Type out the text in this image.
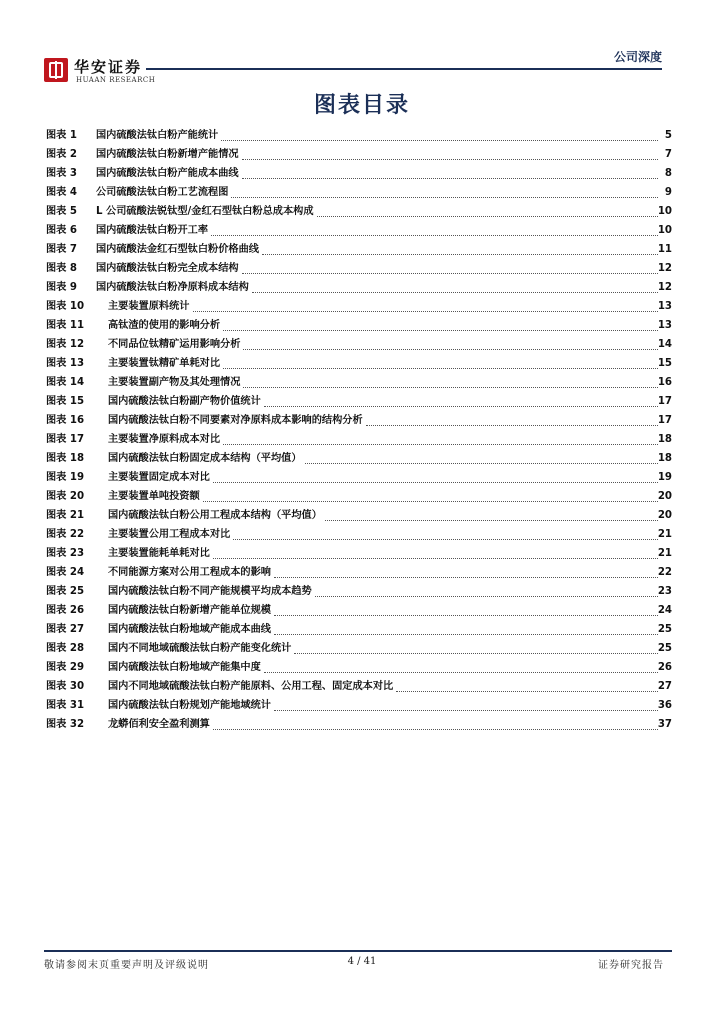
华安证券
HUAAN RESEARCH
公司深度
图表目录
图表 1 国内硫酸法钛白粉产能统计	5
图表 2 国内硫酸法钛白粉新增产能情况	7
图表 3 国内硫酸法钛白粉产能成本曲线	8
图表 4 公司硫酸法钛白粉工艺流程图	9
图表 5 L 公司硫酸法锐钛型/金红石型钛白粉总成本构成	10
图表 6 国内硫酸法钛白粉开工率	10
图表 7 国内硫酸法金红石型钛白粉价格曲线	11
图表 8 国内硫酸法钛白粉完全成本结构	12
图表 9 国内硫酸法钛白粉净原料成本结构	12
图表 10 主要装置原料统计	13
图表 11 高钛渣的使用的影响分析	13
图表 12 不同品位钛精矿运用影响分析	14
图表 13 主要装置钛精矿单耗对比	15
图表 14 主要装置副产物及其处理情况	16
图表 15 国内硫酸法钛白粉副产物价值统计	17
图表 16 国内硫酸法钛白粉不同要素对净原料成本影响的结构分析	17
图表 17 主要装置净原料成本对比	18
图表 18 国内硫酸法钛白粉固定成本结构（平均值）	18
图表 19 主要装置固定成本对比	19
图表 20 主要装置单吨投资额	20
图表 21 国内硫酸法钛白粉公用工程成本结构（平均值）	20
图表 22 主要装置公用工程成本对比	21
图表 23 主要装置能耗单耗对比	21
图表 24 不同能源方案对公用工程成本的影响	22
图表 25 国内硫酸法钛白粉不同产能规模平均成本趋势	23
图表 26 国内硫酸法钛白粉新增产能单位规模	24
图表 27 国内硫酸法钛白粉地域产能成本曲线	25
图表 28 国内不同地域硫酸法钛白粉产能变化统计	25
图表 29 国内硫酸法钛白粉地域产能集中度	26
图表 30 国内不同地域硫酸法钛白粉产能原料、公用工程、固定成本对比	27
图表 31 国内硫酸法钛白粉规划产能地域统计	36
图表 32 龙蟒佰利安全盈利测算	37
敬请参阅末页重要声明及评级说明	4 / 41	证券研究报告
